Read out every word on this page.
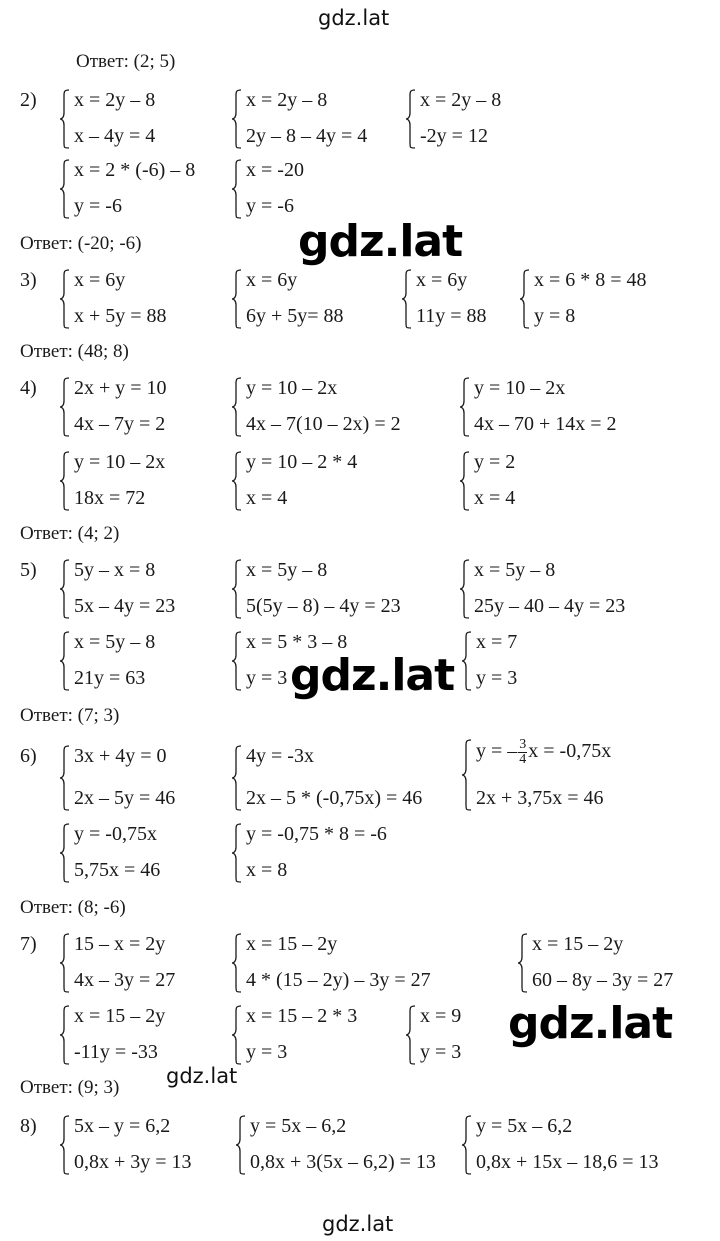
gdz.lat
Ответ: (2; 5)
2) x = 2y – 8
x – 4y = 4
x = 2y – 8
2y – 8 – 4y = 4
x = 2y – 8
-2y = 12
x = 2 * (-6) – 8
y = -6
x = -20
y = -6
Ответ: (-20; -6)	gdz.lat
3) x = 6y
x + 5y = 88
x = 6y
6y + 5y= 88
x = 6y
11y = 88
x = 6 * 8 = 48
y = 8
Ответ: (48; 8)
4) 2x + y = 10
4x – 7y = 2
y = 10 – 2x
4x – 7(10 – 2x) = 2
y = 10 – 2x
4x – 70 + 14x = 2
y = 10 – 2x
18x = 72
y = 10 – 2 * 4
x = 4
y = 2
x = 4
Ответ: (4; 2)
5) 5y – x = 8
5x – 4y = 23
x = 5y – 8
5(5y – 8) – 4y = 23
x = 5y – 8
25y – 40 – 4y = 23
x = 5y – 8
21y = 63
x = 5 * 3 – 8
y = 3
x = 7
y = 3
gdz.lat
Ответ: (7; 3)
6) 3x + 4y = 0
2x – 5y = 46
4y = -3x
2x – 5 * (-0,75x) = 46
y = – $\frac{3}{4}$ x = -0,75x
2x + 3,75x = 46
y = -0,75x
5,75x = 46
y = -0,75 * 8 = -6
x = 8
Ответ: (8; -6)
7) 15 – x = 2y
4x – 3y = 27
x = 15 – 2y
4 * (15 – 2y) – 3y = 27
x = 15 – 2y
60 – 8y – 3y = 27
x = 15 – 2y
-11y = -33
x = 15 – 2 * 3
y = 3
x = 9
y = 3
gdz.lat
Ответ: (9; 3) gdz.lat
8) 5x – y = 6,2
0,8x + 3y = 13
y = 5x – 6,2
0,8x + 3(5x – 6,2) = 13
y = 5x – 6,2
0,8x + 15x – 18,6 = 13
gdz.lat
